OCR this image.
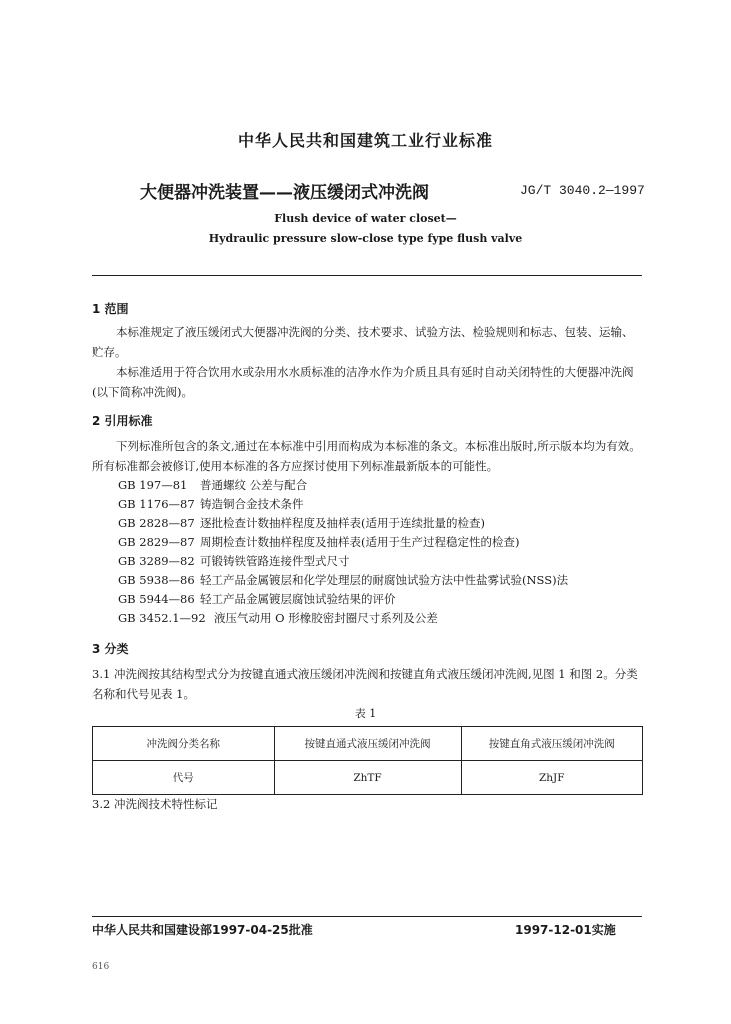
中华人民共和国建筑工业行业标准
大便器冲洗装置——液压缓闭式冲洗阀	JG/T 3040.2—1997
Flush device of water closet—
Hydraulic pressure slow-close type fype flush valve
1 范围
本标准规定了液压缓闭式大便器冲洗阀的分类、技术要求、试验方法、检验规则和标志、包装、运输、贮存。
本标准适用于符合饮用水或杂用水水质标准的洁净水作为介质且具有延时自动关闭特性的大便器冲洗阀(以下简称冲洗阀)。
2 引用标准
下列标准所包含的条文,通过在本标准中引用而构成为本标准的条文。本标准出版时,所示版本均为有效。所有标准都会被修订,使用本标准的各方应探讨使用下列标准最新版本的可能性。
GB 197—81 普通螺纹 公差与配合
GB 1176—87 铸造铜合金技术条件
GB 2828—87 逐批检查计数抽样程度及抽样表(适用于连续批量的检查)
GB 2829—87 周期检查计数抽样程度及抽样表(适用于生产过程稳定性的检查)
GB 3289—82 可锻铸铁管路连接件型式尺寸
GB 5938—86 轻工产品金属镀层和化学处理层的耐腐蚀试验方法中性盐雾试验(NSS)法
GB 5944—86 轻工产品金属镀层腐蚀试验结果的评价
GB 3452.1—92 液压气动用 O 形橡胶密封圈尺寸系列及公差
3 分类
3.1 冲洗阀按其结构型式分为按键直通式液压缓闭冲洗阀和按键直角式液压缓闭冲洗阀,见图 1 和图 2。分类名称和代号见表 1。
表 1
冲洗阀分类名称	按键直通式液压缓闭冲洗阀	按键直角式液压缓闭冲洗阀
代号	ZhTF	ZhJF
3.2 冲洗阀技术特性标记
中华人民共和国建设部1997-04-25批准	1997-12-01实施
616
